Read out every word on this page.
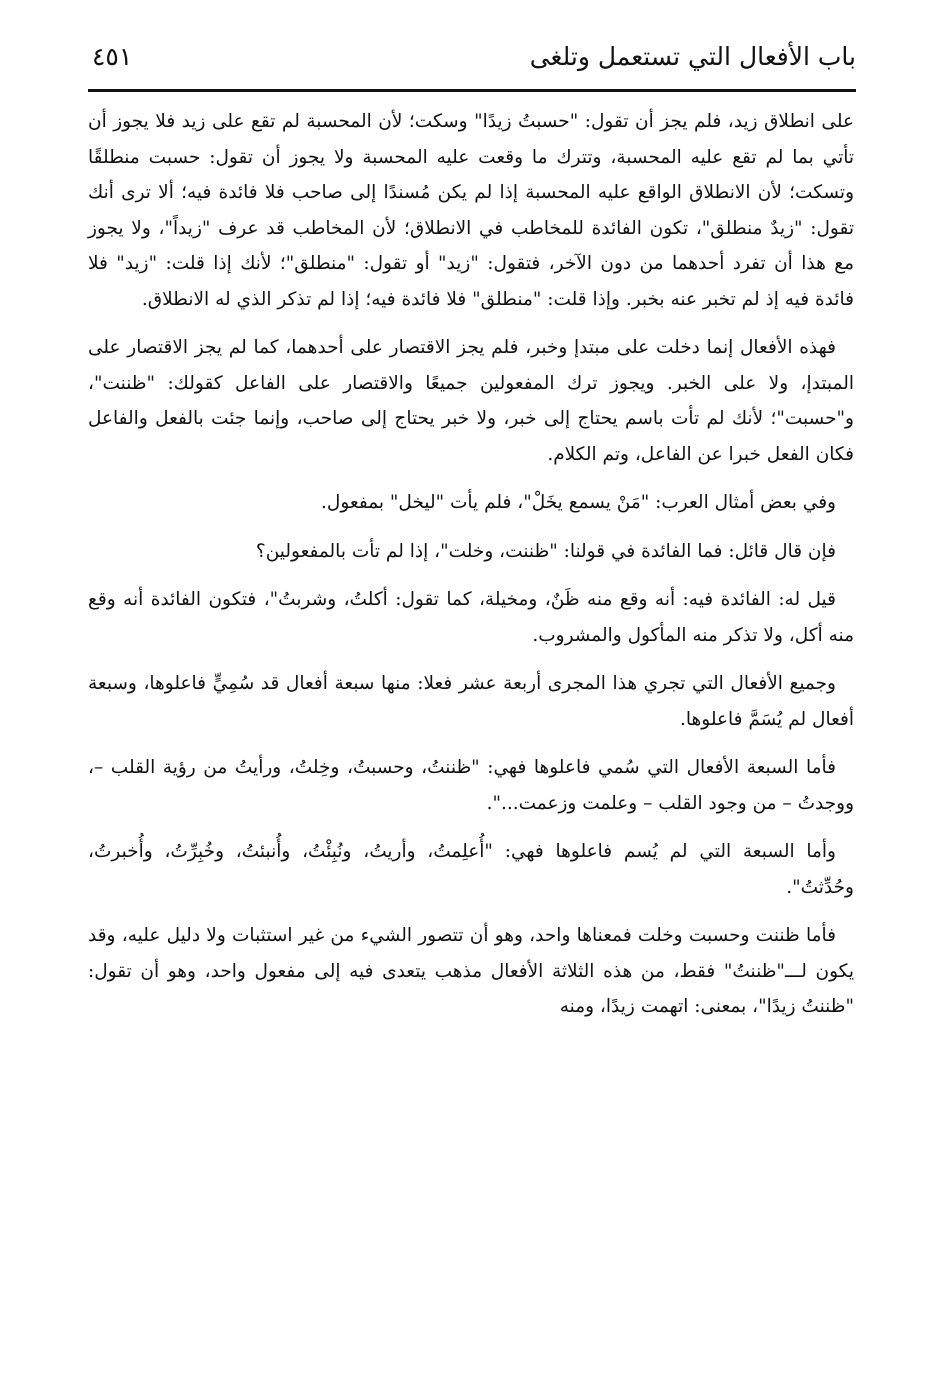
باب الأفعال التي تستعمل وتلغى
٤٥١

على انطلاق زيد، فلم يجز أن تقول: "حسبتُ زيدًا" وسكت؛ لأن المحسبة لم تقع على زيد فلا يجوز أن تأتي بما لم تقع عليه المحسبة، وتترك ما وقعت عليه المحسبة ولا يجوز أن تقول: حسبت منطلقًا وتسكت؛ لأن الانطلاق الواقع عليه المحسبة إذا لم يكن مُسندًا إلى صاحب فلا فائدة فيه؛ ألا ترى أنك تقول: "زيدٌ منطلق"، تكون الفائدة للمخاطب في الانطلاق؛ لأن المخاطب قد عرف "زيداً"، ولا يجوز مع هذا أن تفرد أحدهما من دون الآخر، فتقول: "زيد" أو تقول: "منطلق"؛ لأنك إذا قلت: "زيد" فلا فائدة فيه إذ لم تخبر عنه بخبر. وإذا قلت: "منطلق" فلا فائدة فيه؛ إذا لم تذكر الذي له الانطلاق.

فهذه الأفعال إنما دخلت على مبتدإ وخبر، فلم يجز الاقتصار على أحدهما، كما لم يجز الاقتصار على المبتدإ، ولا على الخبر. ويجوز ترك المفعولين جميعًا والاقتصار على الفاعل كقولك: "ظننت"، و"حسبت"؛ لأنك لم تأت باسم يحتاج إلى خبر، ولا خبر يحتاج إلى صاحب، وإنما جئت بالفعل والفاعل فكان الفعل خبرا عن الفاعل، وتم الكلام.

وفي بعض أمثال العرب: "مَنْ يسمع يخَلْ"، فلم يأت "ليخل" بمفعول.

فإن قال قائل: فما الفائدة في قولنا: "ظننت، وخلت"، إذا لم تأت بالمفعولين؟

قيل له: الفائدة فيه: أنه وقع منه ظَنٌ، ومخيلة، كما تقول: أكلتُ، وشربتُ"، فتكون الفائدة أنه وقع منه أكل، ولا تذكر منه المأكول والمشروب.

وجميع الأفعال التي تجري هذا المجرى أربعة عشر فعلا: منها سبعة أفعال قد سُمِيٍّ فاعلوها، وسبعة أفعال لم يُسَمَّ فاعلوها.

فأما السبعة الأفعال التي سُمي فاعلوها فهي: "ظننتُ، وحسبتُ، وخِلتُ، ورأيتُ من رؤية القلب –، ووجدتُ – من وجود القلب – وعلمت وزعمت...".

وأما السبعة التي لم يُسم فاعلوها فهي: "أُعلِمتُ، وأريتُ، ونُبِئْتُ، وأُنبئتُ، وخُبِرِّتُ، وأُخبرتُ، وحُدِّثتُ".

فأما ظننت وحسبت وخلت فمعناها واحد، وهو أن تتصور الشيء من غير استثبات ولا دليل عليه، وقد يكون لـــ"ظننتُ" فقط، من هذه الثلاثة الأفعال مذهب يتعدى فيه إلى مفعول واحد، وهو أن تقول: "ظننتُ زيدًا"، بمعنى: اتهمت زيدًا، ومنه
